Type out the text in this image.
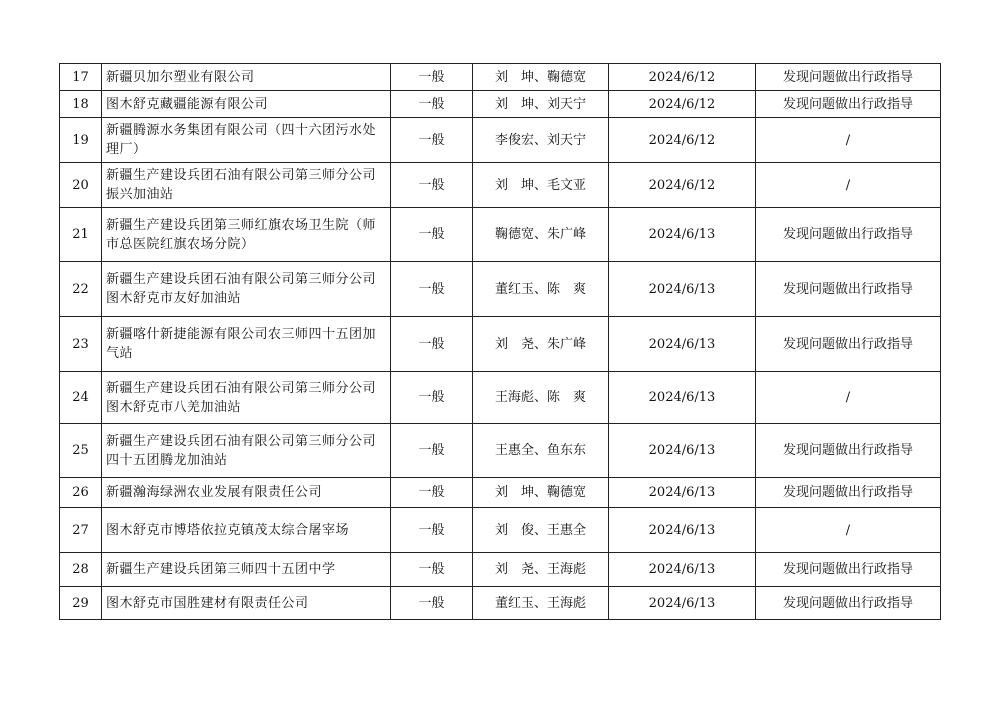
17	新疆贝加尔塑业有限公司	一般	刘　坤、鞠德宽	2024/6/12	发现问题做出行政指导
18	图木舒克藏疆能源有限公司	一般	刘　坤、刘天宁	2024/6/12	发现问题做出行政指导
19	新疆腾源水务集团有限公司（四十六团污水处理厂）	一般	李俊宏、刘天宁	2024/6/12	/
20	新疆生产建设兵团石油有限公司第三师分公司振兴加油站	一般	刘　坤、毛文亚	2024/6/12	/
21	新疆生产建设兵团第三师红旗农场卫生院（师市总医院红旗农场分院）	一般	鞠德宽、朱广峰	2024/6/13	发现问题做出行政指导
22	新疆生产建设兵团石油有限公司第三师分公司图木舒克市友好加油站	一般	董红玉、陈　爽	2024/6/13	发现问题做出行政指导
23	新疆喀什新捷能源有限公司农三师四十五团加气站	一般	刘　尧、朱广峰	2024/6/13	发现问题做出行政指导
24	新疆生产建设兵团石油有限公司第三师分公司图木舒克市八羌加油站	一般	王海彪、陈　爽	2024/6/13	/
25	新疆生产建设兵团石油有限公司第三师分公司四十五团腾龙加油站	一般	王惠全、鱼东东	2024/6/13	发现问题做出行政指导
26	新疆瀚海绿洲农业发展有限责任公司	一般	刘　坤、鞠德宽	2024/6/13	发现问题做出行政指导
27	图木舒克市博塔依拉克镇茂太综合屠宰场	一般	刘　俊、王惠全	2024/6/13	/
28	新疆生产建设兵团第三师四十五团中学	一般	刘　尧、王海彪	2024/6/13	发现问题做出行政指导
29	图木舒克市国胜建材有限责任公司	一般	董红玉、王海彪	2024/6/13	发现问题做出行政指导
